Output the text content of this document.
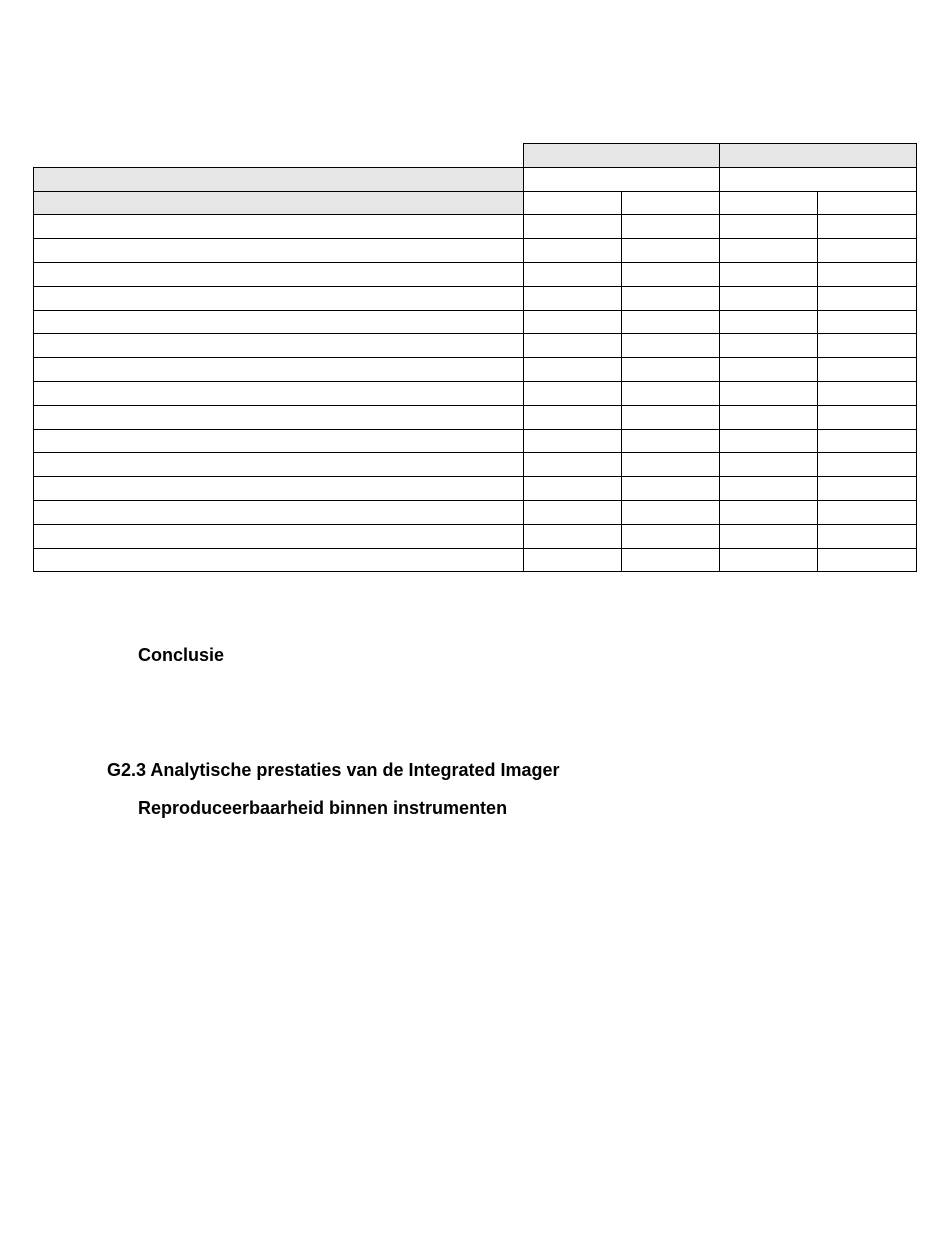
Conclusie
G2.3 Analytische prestaties van de Integrated Imager
Reproduceerbaarheid binnen instrumenten
